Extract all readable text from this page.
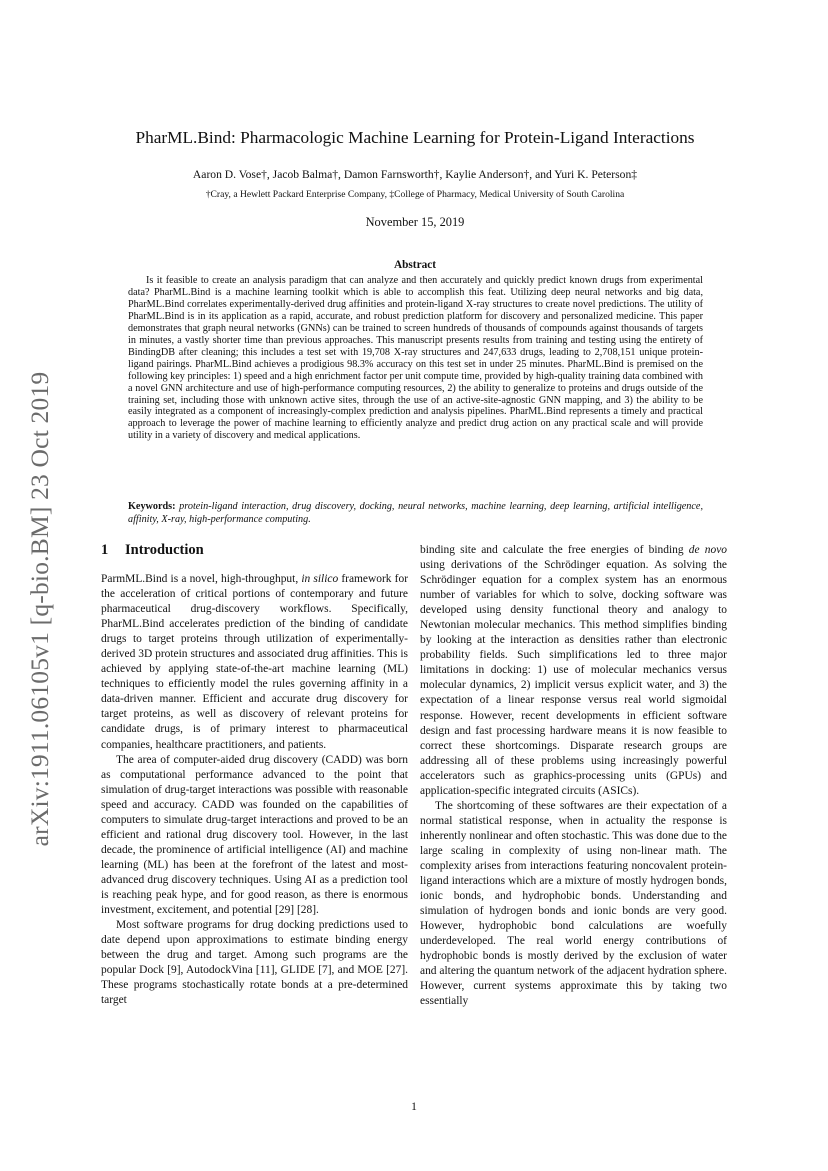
arXiv:1911.06105v1 [q-bio.BM] 23 Oct 2019
PharML.Bind: Pharmacologic Machine Learning for Protein-Ligand Interactions
Aaron D. Vose†, Jacob Balma†, Damon Farnsworth†, Kaylie Anderson†, and Yuri K. Peterson‡
†Cray, a Hewlett Packard Enterprise Company, ‡College of Pharmacy, Medical University of South Carolina
November 15, 2019
Abstract

Is it feasible to create an analysis paradigm that can analyze and then accurately and quickly predict known drugs from experimental data? PharML.Bind is a machine learning toolkit which is able to accomplish this feat. Utilizing deep neural networks and big data, PharML.Bind correlates experimentally-derived drug affinities and protein-ligand X-ray structures to create novel predictions. The utility of PharML.Bind is in its application as a rapid, accurate, and robust prediction platform for discovery and personalized medicine. This paper demonstrates that graph neural networks (GNNs) can be trained to screen hundreds of thousands of compounds against thousands of targets in minutes, a vastly shorter time than previous approaches. This manuscript presents results from training and testing using the entirety of BindingDB after cleaning; this includes a test set with 19,708 X-ray structures and 247,633 drugs, leading to 2,708,151 unique protein-ligand pairings. PharML.Bind achieves a prodigious 98.3% accuracy on this test set in under 25 minutes. PharML.Bind is premised on the following key principles: 1) speed and a high enrichment factor per unit compute time, provided by high-quality training data combined with a novel GNN architecture and use of high-performance computing resources, 2) the ability to generalize to proteins and drugs outside of the training set, including those with unknown active sites, through the use of an active-site-agnostic GNN mapping, and 3) the ability to be easily integrated as a component of increasingly-complex prediction and analysis pipelines. PharML.Bind represents a timely and practical approach to leverage the power of machine learning to efficiently analyze and predict drug action on any practical scale and will provide utility in a variety of discovery and medical applications.

Keywords: protein-ligand interaction, drug discovery, docking, neural networks, machine learning, deep learning, artificial intelligence, affinity, X-ray, high-performance computing.

1 Introduction

ParmML.Bind is a novel, high-throughput, in silico framework for the acceleration of critical portions of contemporary and future pharmaceutical drug-discovery workflows. Specifically, PharML.Bind accelerates prediction of the binding of candidate drugs to target proteins through utilization of experimentally-derived 3D protein structures and associated drug affinities. This is achieved by applying state-of-the-art machine learning (ML) techniques to efficiently model the rules governing affinity in a data-driven manner. Efficient and accurate drug discovery for target proteins, as well as discovery of relevant proteins for candidate drugs, is of primary interest to pharmaceutical companies, healthcare practitioners, and patients.

The area of computer-aided drug discovery (CADD) was born as computational performance advanced to the point that simulation of drug-target interactions was possible with reasonable speed and accuracy. CADD was founded on the capabilities of computers to simulate drug-target interactions and proved to be an efficient and rational drug discovery tool. However, in the last decade, the prominence of artificial intelligence (AI) and machine learning (ML) has been at the forefront of the latest and most-advanced drug discovery techniques. Using AI as a prediction tool is reaching peak hype, and for good reason, as there is enormous investment, excitement, and potential [29] [28].

Most software programs for drug docking predictions used to date depend upon approximations to estimate binding energy between the drug and target. Among such programs are the popular Dock [9], AutodockVina [11], GLIDE [7], and MOE [27]. These programs stochastically rotate bonds at a pre-determined target

binding site and calculate the free energies of binding de novo using derivations of the Schrödinger equation. As solving the Schrödinger equation for a complex system has an enormous number of variables for which to solve, docking software was developed using density functional theory and analogy to Newtonian molecular mechanics. This method simplifies binding by looking at the interaction as densities rather than electronic probability fields. Such simplifications led to three major limitations in docking: 1) use of molecular mechanics versus molecular dynamics, 2) implicit versus explicit water, and 3) the expectation of a linear response versus real world sigmoidal response. However, recent developments in efficient software design and fast processing hardware means it is now feasible to correct these shortcomings. Disparate research groups are addressing all of these problems using increasingly powerful accelerators such as graphics-processing units (GPUs) and application-specific integrated circuits (ASICs).

The shortcoming of these softwares are their expectation of a normal statistical response, when in actuality the response is inherently nonlinear and often stochastic. This was done due to the large scaling in complexity of using non-linear math. The complexity arises from interactions featuring noncovalent protein-ligand interactions which are a mixture of mostly hydrogen bonds, ionic bonds, and hydrophobic bonds. Understanding and simulation of hydrogen bonds and ionic bonds are very good. However, hydrophobic bond calculations are woefully underdeveloped. The real world energy contributions of hydrophobic bonds is mostly derived by the exclusion of water and altering the quantum network of the adjacent hydration sphere. However, current systems approximate this by taking two essentially

1
